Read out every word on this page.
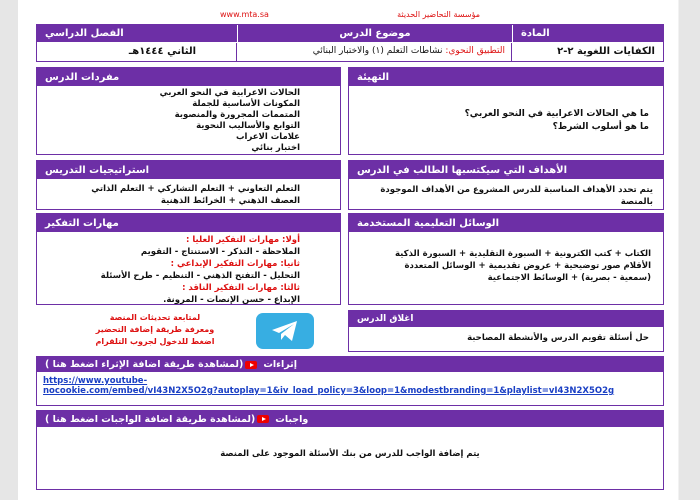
www.mta.sa	مؤسسة التحاضير الحديثة
الفصل الدراسي	موضوع الدرس	المادة
الثاني ١٤٤٤هـ	التطبيق النحوي: نشاطات التعلم (١) والاختبار البنائي	الكفايات اللغوية ٢-٢
التهيئة
ما هي الحالات الاعرابية في النحو العربي؟
ما هو أسلوب الشرط؟
مفردات الدرس
الحالات الاعرابية في النحو العربي
المكونات الأساسية للجملة
المتممات المجرورة والمنصوبة
التوابع والأساليب النحوية
علامات الاعراب
اختبار بنائي
الأهداف التي سيكتسبها الطالب في الدرس
يتم تحدد الأهداف المناسبة للدرس المشروع من الأهداف الموجودة
بالمنصة
استراتيجيات التدريس
التعلم التعاوني + التعلم التشاركي + التعلم الذاتي
العصف الذهني + الخرائط الذهنية
الوسائل التعليمية المستخدمة
الكتاب + كتب الكترونية + السبورة التقليدية + السبورة الذكية
الأقلام صور توضيحية + عروض تقديمية + الوسائل المتعددة
(سمعية - بصرية) + الوسائط الاجتماعية
مهارات التفكير
أولا: مهارات التفكير العليا :
الملاحظة - التذكر - الاستنتاج - التقويم
ثانيا: مهارات التفكير الإبداعي :
التحليل - التفتح الذهني - التنظيم - طرح الأسئلة
ثالثا: مهارات التفكير الناقد :
الإبداع - حسن الإنصات - المرونة.
اغلاق الدرس
حل أسئلة تقويم الدرس والأنشطة المصاحبة
لمتابعة تحديثات المنصة
ومعرفة طريقة إضافة التحضير
اضغط للدخول لجروب التلقرام
إثراءات
(لمشاهدة طريقة اضافة الإثراء اضغط هنا )
https://www.youtube-
nocookie.com/embed/vI43N2X5O2g?autoplay=1&iv_load_policy=3&loop=1&modestbranding=1&playlist=vI43N2X5O2g
واجبات
(لمشاهدة طريقة اضافة الواجبات اضغط هنا )
يتم إضافة الواجب للدرس من بنك الأسئلة الموجود على المنصة
